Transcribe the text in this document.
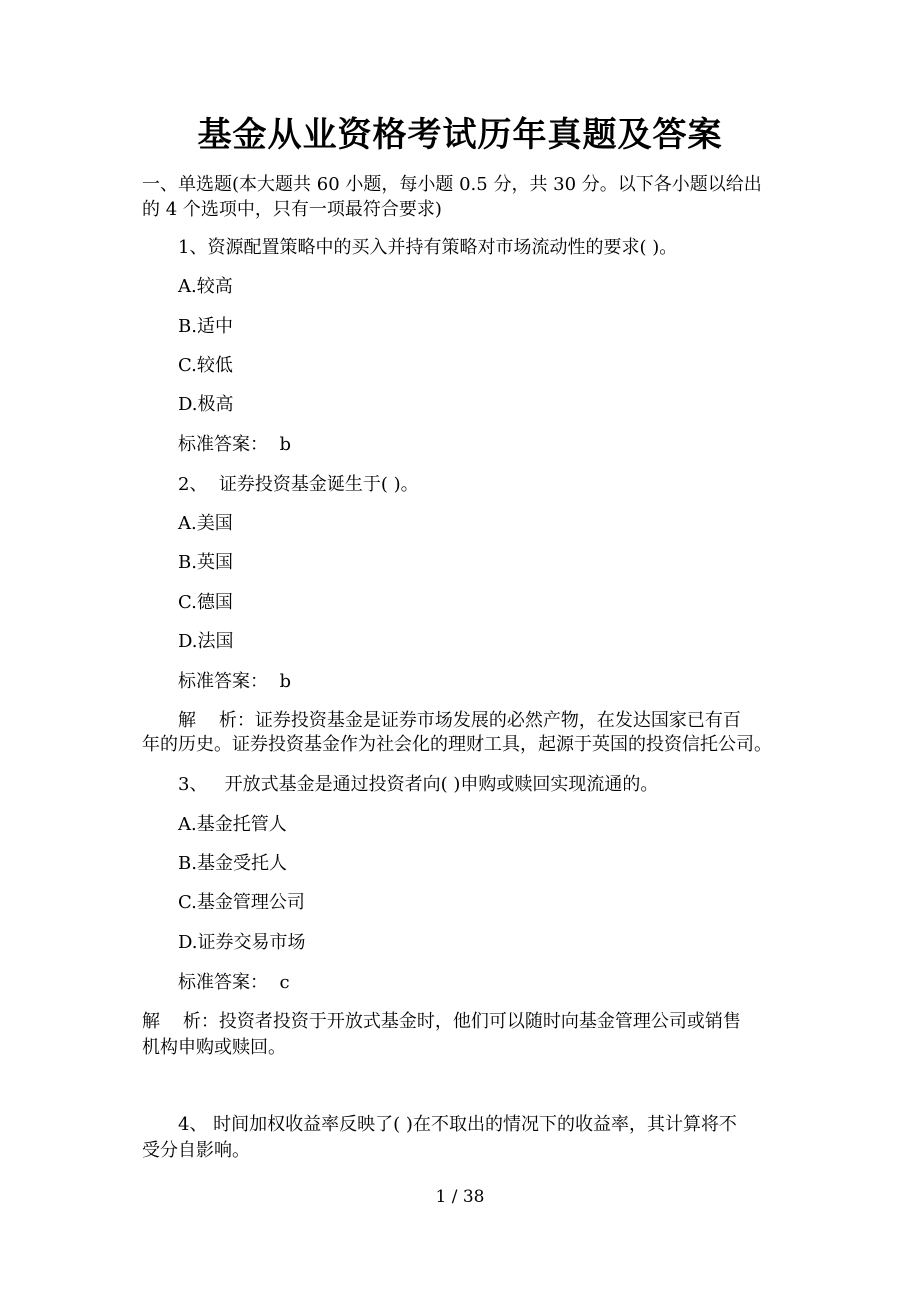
基金从业资格考试历年真题及答案
一、单选题(本大题共 60 小题，每小题 0.5 分，共 30 分。以下各小题以给出
的 4 个选项中，只有一项最符合要求)
1、资源配置策略中的买入并持有策略对市场流动性的要求( )。
A.较高
B.适中
C.较低
D.极高
标准答案：  b
2、  证券投资基金诞生于( )。
A.美国
B.英国
C.德国
D.法国
标准答案：  b
解    析：证券投资基金是证券市场发展的必然产物，在发达国家已有百
年的历史。证券投资基金作为社会化的理财工具，起源于英国的投资信托公司。
3、   开放式基金是通过投资者向( )申购或赎回实现流通的。
A.基金托管人
B.基金受托人
C.基金管理公司
D.证券交易市场
标准答案：  c
解    析：投资者投资于开放式基金时，他们可以随时向基金管理公司或销售
机构申购或赎回。
4、 时间加权收益率反映了( )在不取出的情况下的收益率，其计算将不
受分自影响。
1 / 38
